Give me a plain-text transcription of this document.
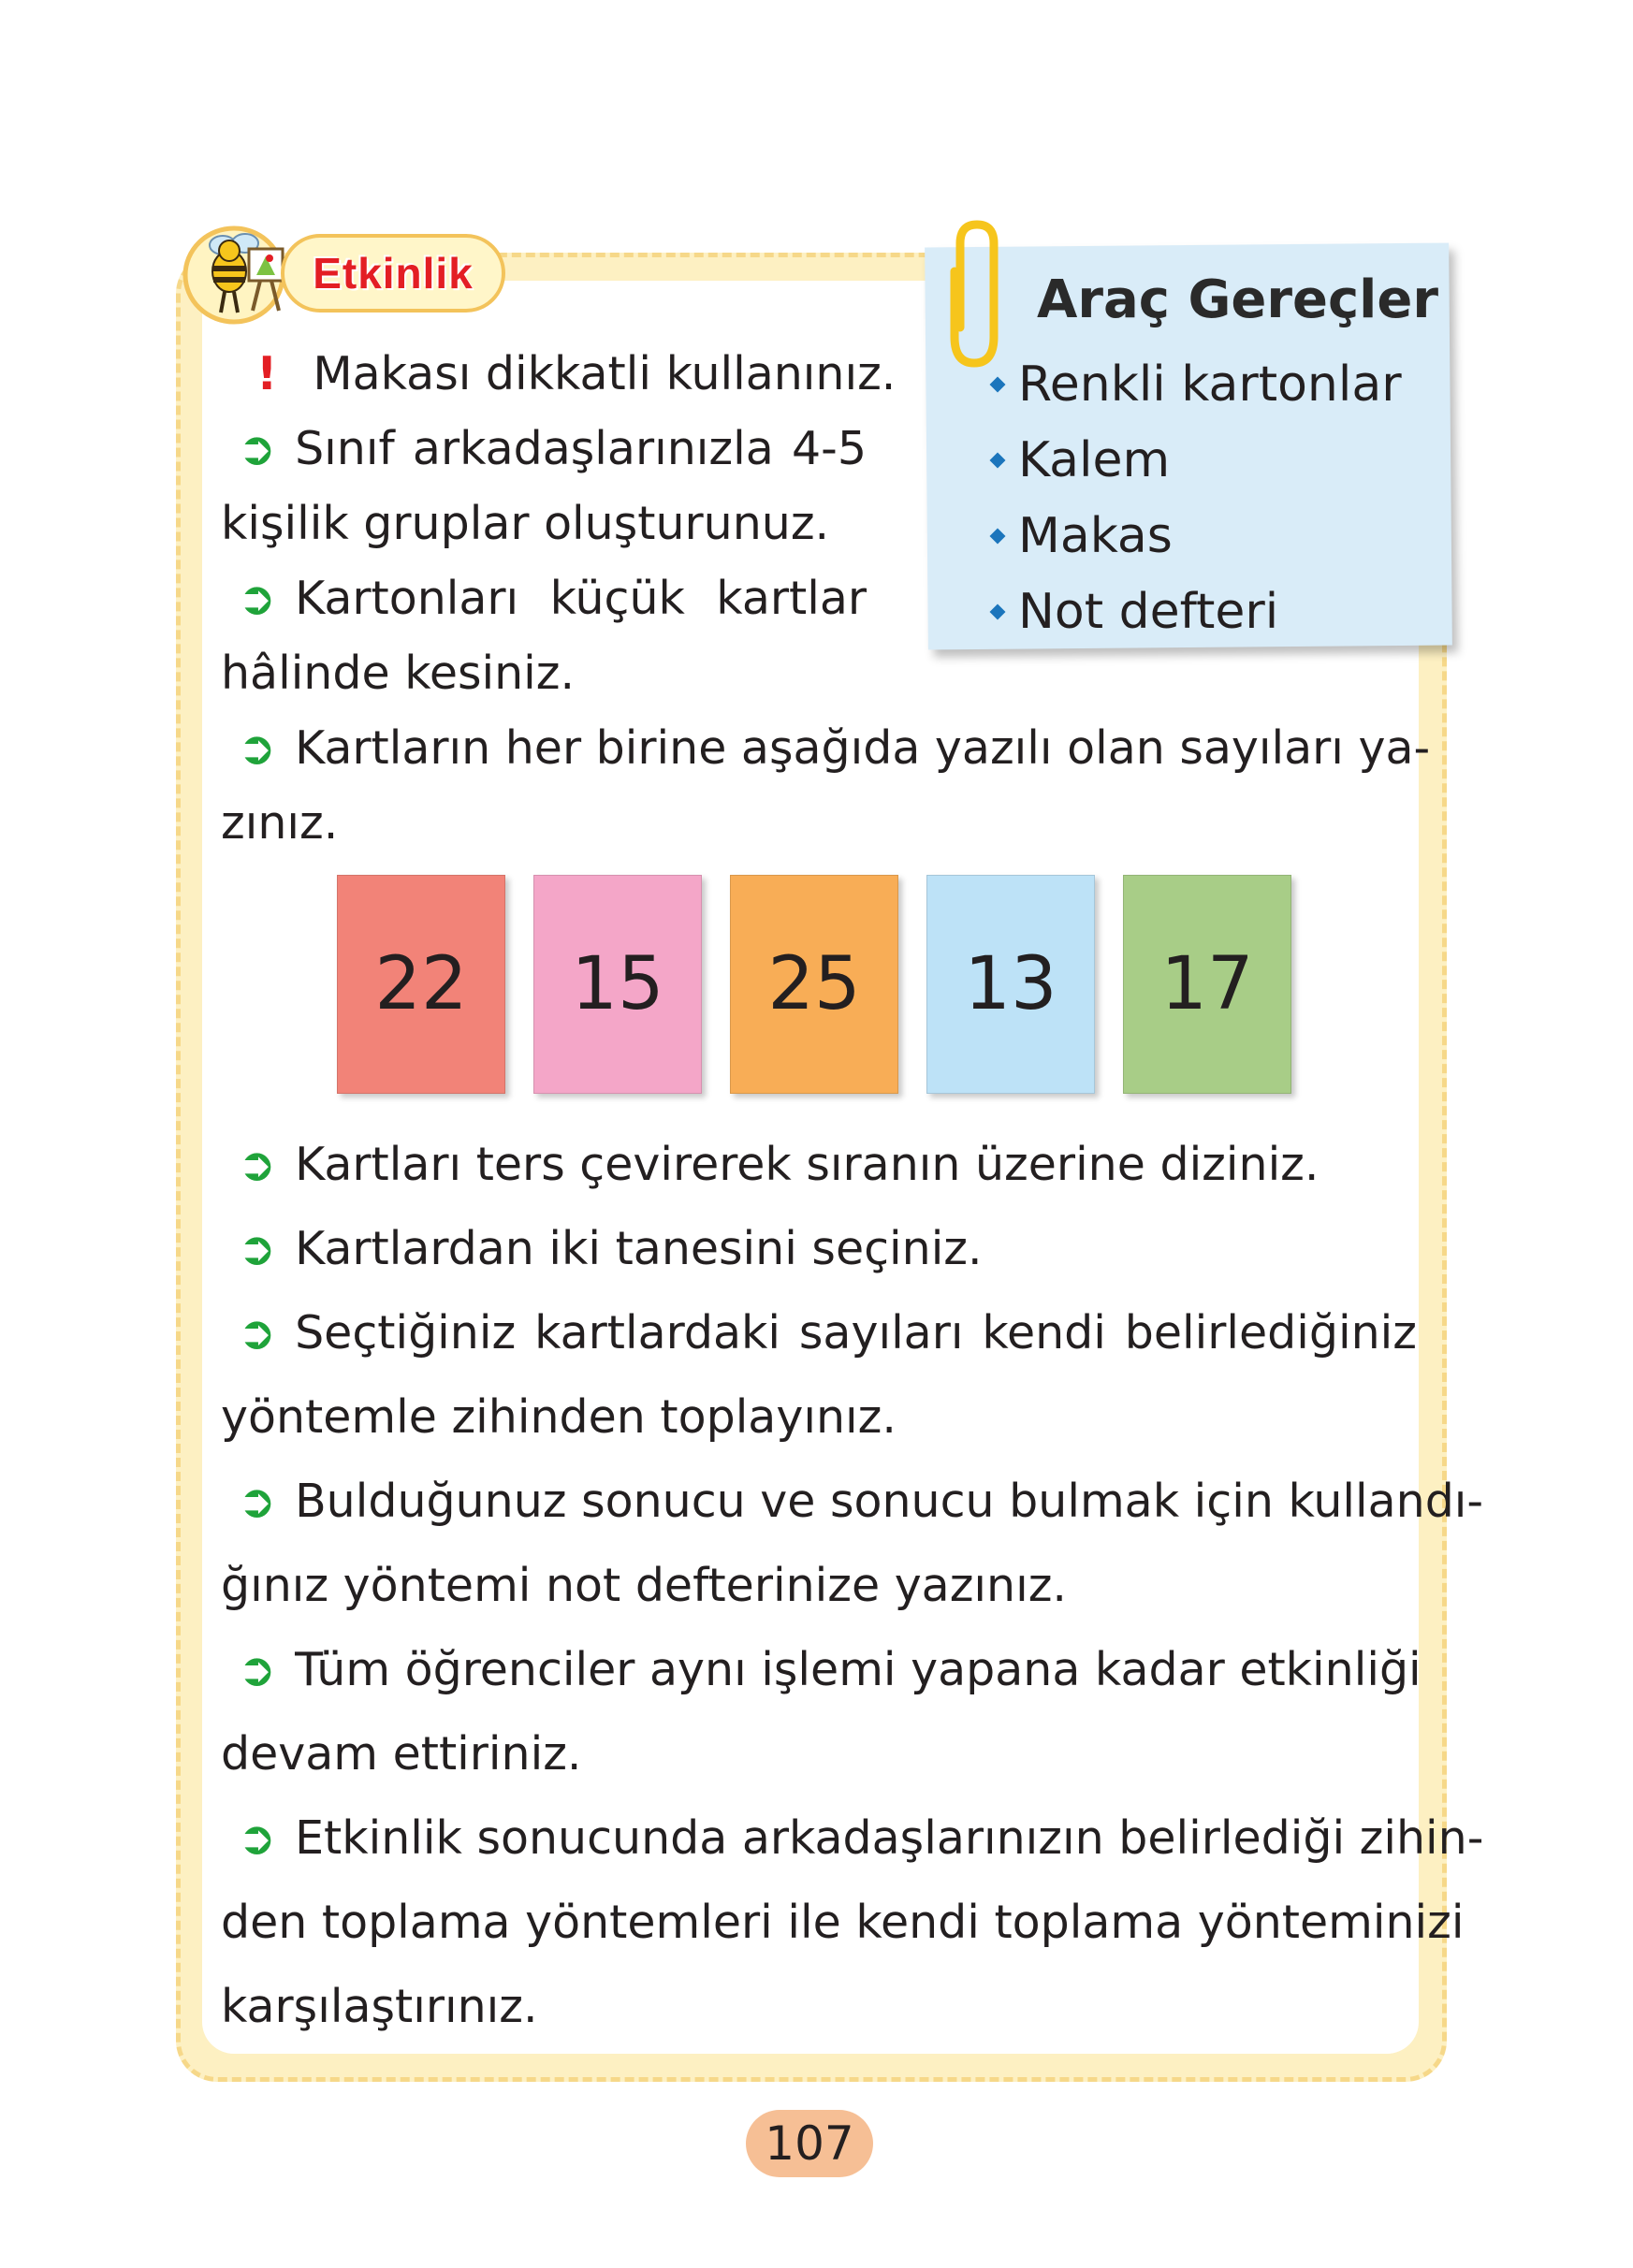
Etkinlik	Araç Gereçler
Renkli kartonlar
Kalem
Makas
Not defteri
! Makası dikkatli kullanınız.
➲ Sınıf arkadaşlarınızla 4-5
kişilik gruplar oluşturunuz.
➲ Kartonları küçük kartlar
hâlinde kesiniz.
➲ Kartların her birine aşağıda yazılı olan sayıları ya-
zınız.
22	15	25	13	17
➲ Kartları ters çevirerek sıranın üzerine diziniz.
➲ Kartlardan iki tanesini seçiniz.
➲ Seçtiğiniz kartlardaki sayıları kendi belirlediğiniz
yöntemle zihinden toplayınız.
➲ Bulduğunuz sonucu ve sonucu bulmak için kullandı-
ğınız yöntemi not defterinize yazınız.
➲ Tüm öğrenciler aynı işlemi yapana kadar etkinliği
devam ettiriniz.
➲ Etkinlik sonucunda arkadaşlarınızın belirlediği zihin-
den toplama yöntemleri ile kendi toplama yönteminizi
karşılaştırınız.
107
